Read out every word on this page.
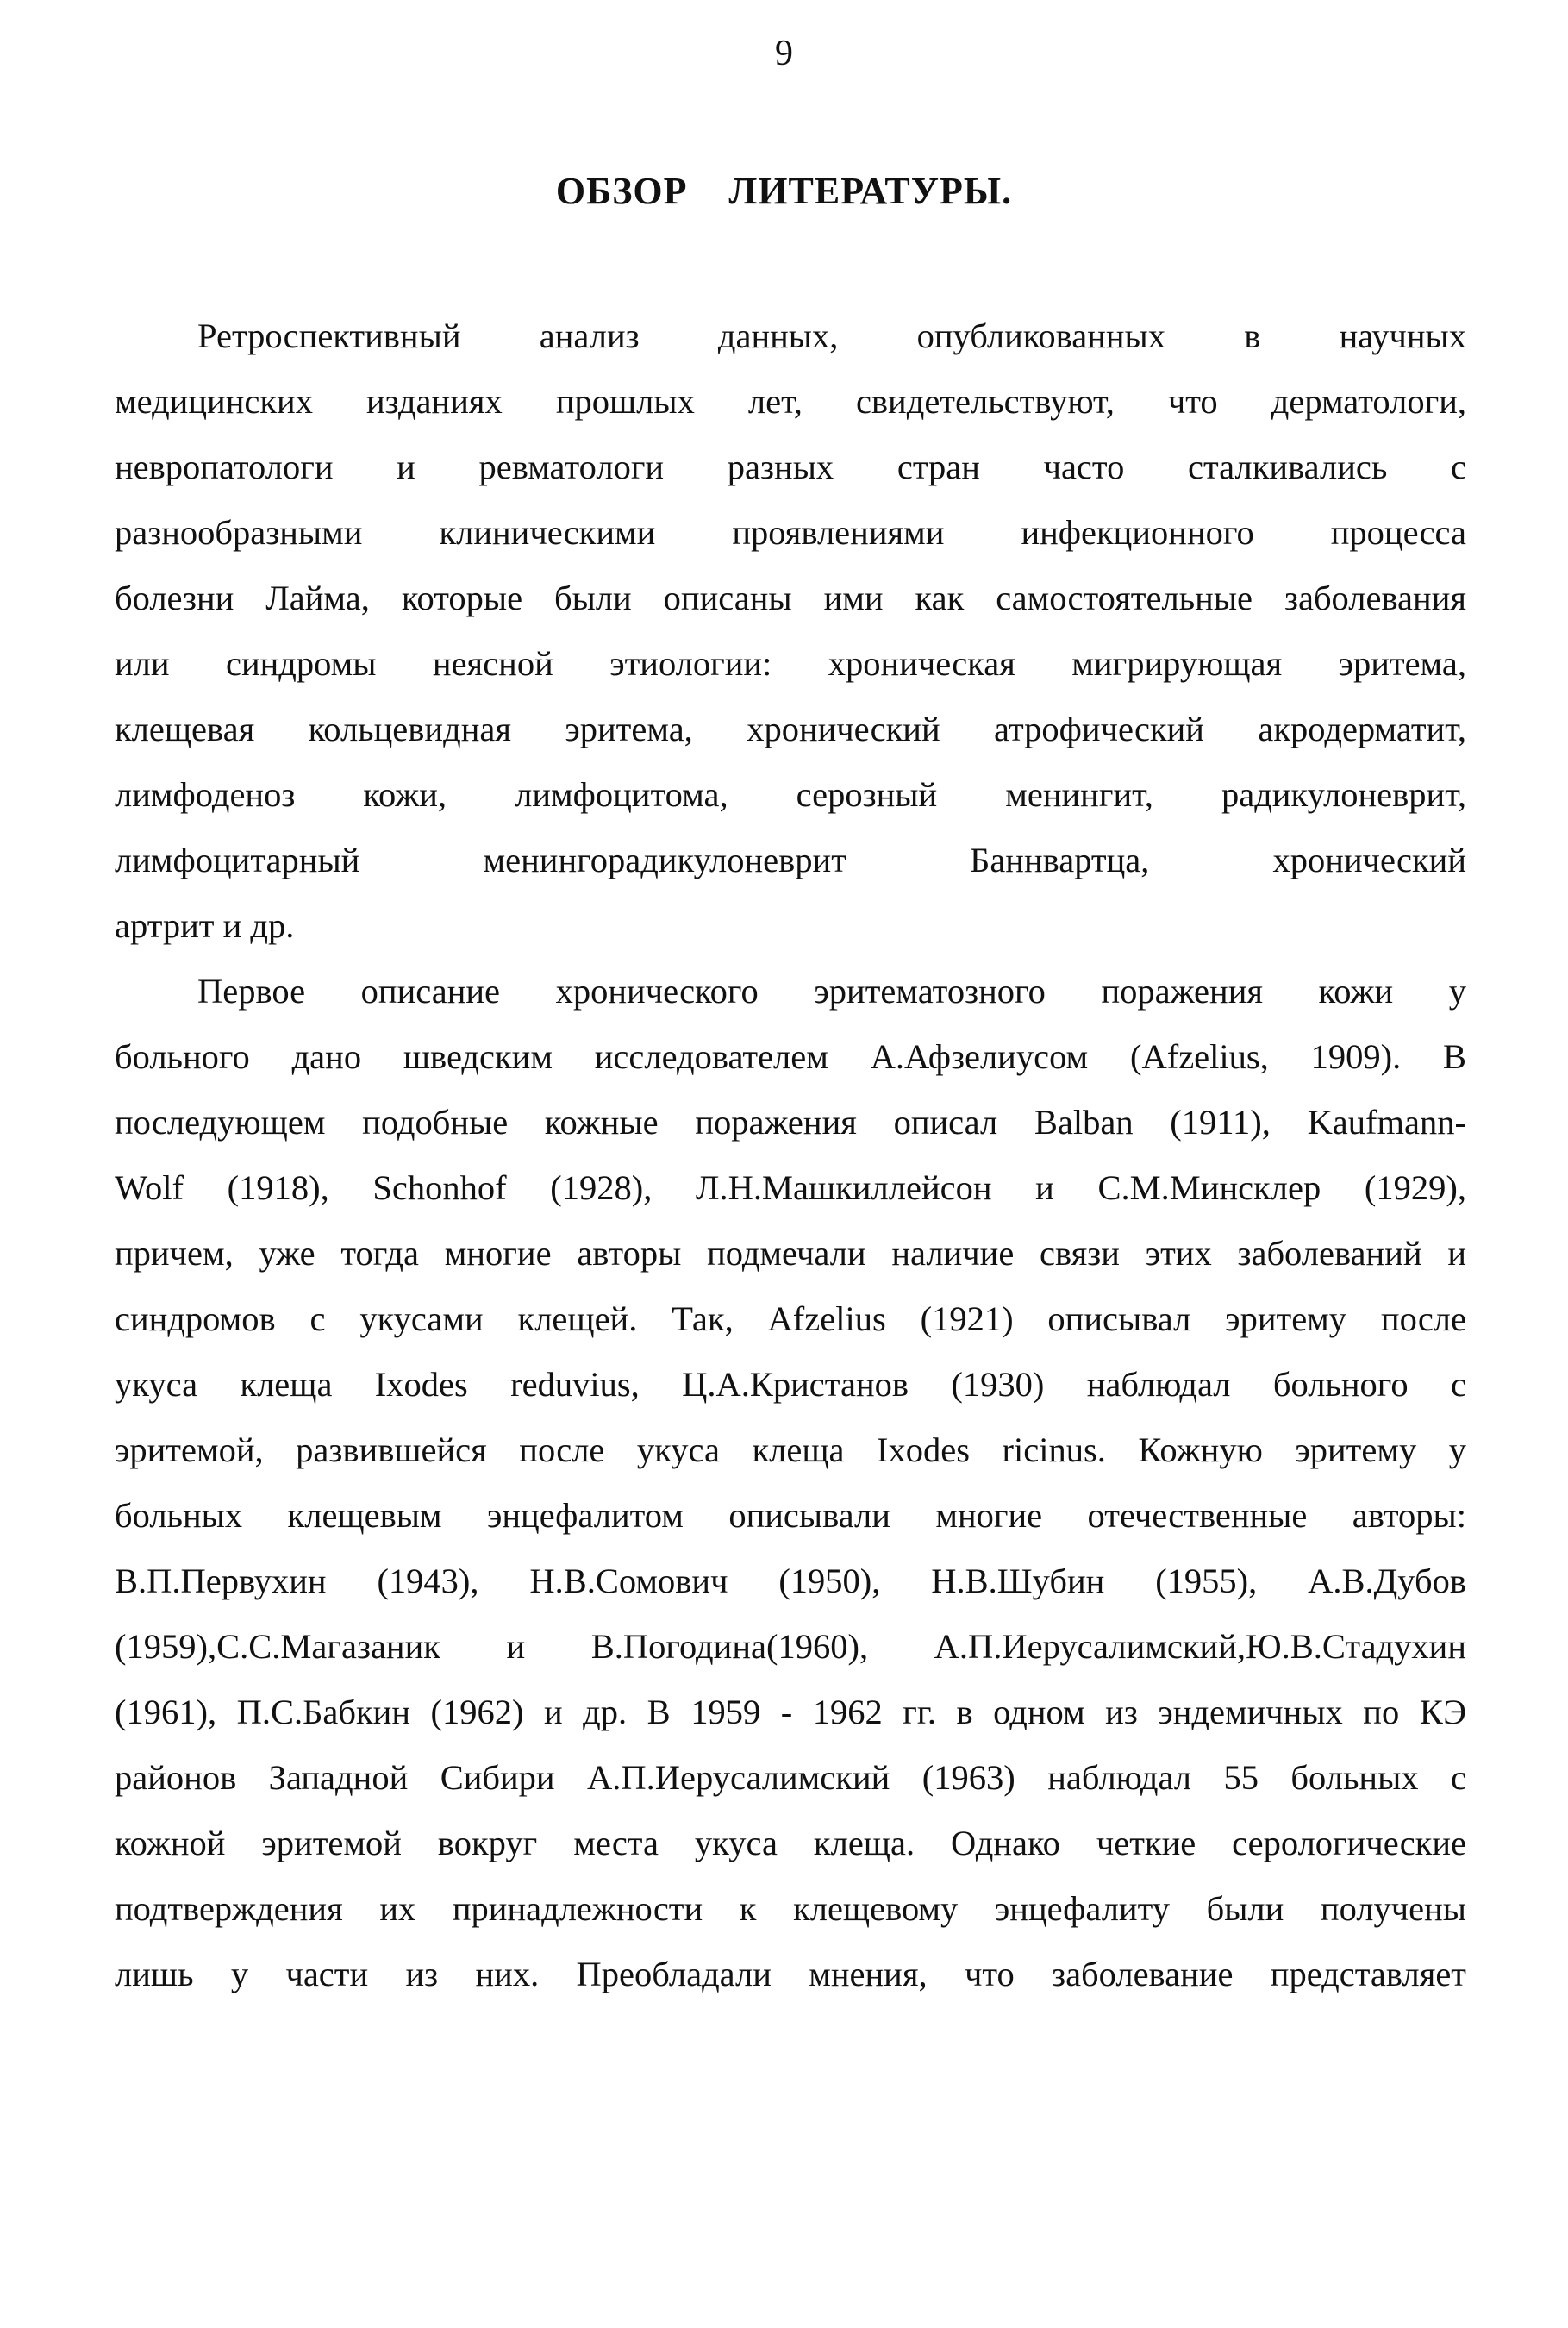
9
ОБЗОР ЛИТЕРАТУРЫ.
Ретроспективный анализ данных, опубликованных в научных
медицинских изданиях прошлых лет, свидетельствуют, что дерматологи,
невропатологи и ревматологи разных стран часто сталкивались с
разнообразными клиническими проявлениями инфекционного процесса
болезни Лайма, которые были описаны ими как самостоятельные заболевания
или синдромы неясной этиологии: хроническая мигрирующая эритема,
клещевая кольцевидная эритема, хронический атрофический акродерматит,
лимфоденоз кожи, лимфоцитома, серозный менингит, радикулоневрит,
лимфоцитарный менингорадикулоневрит Баннвартца, хронический
артрит и др.
Первое описание хронического эритематозного поражения кожи у
больного дано шведским исследователем А.Афзелиусом (Afzelius, 1909). В
последующем подобные кожные поражения описал Balban (1911), Kaufmann-
Wolf (1918), Schonhof (1928), Л.Н.Машкиллейсон и С.М.Минсклер (1929),
причем, уже тогда многие авторы подмечали наличие связи этих заболеваний и
синдромов с укусами клещей. Так, Afzelius (1921) описывал эритему после
укуса клеща Ixodes reduvius, Ц.А.Кристанов (1930) наблюдал больного с
эритемой, развившейся после укуса клеща Ixodes ricinus. Кожную эритему у
больных клещевым энцефалитом описывали многие отечественные авторы:
В.П.Первухин (1943), Н.В.Сомович (1950), Н.В.Шубин (1955), А.В.Дубов
(1959),С.С.Магазаник и В.Погодина(1960), А.П.Иерусалимский,Ю.В.Стадухин
(1961), П.С.Бабкин (1962) и др. В 1959 - 1962 гг. в одном из эндемичных по КЭ
районов Западной Сибири А.П.Иерусалимский (1963) наблюдал 55 больных с
кожной эритемой вокруг места укуса клеща. Однако четкие серологические
подтверждения их принадлежности к клещевому энцефалиту были получены
лишь у части из них. Преобладали мнения, что заболевание представляет
